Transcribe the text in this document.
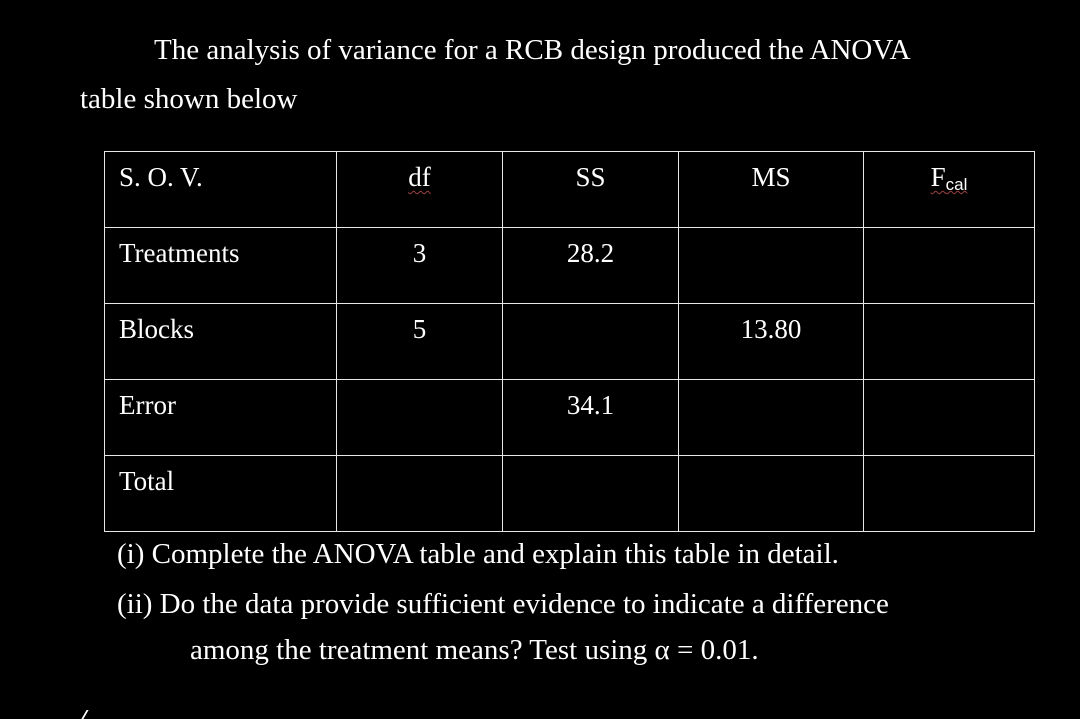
The analysis of variance for a RCB design produced the ANOVA
table shown below
S. O. V.	df	SS	MS	Fcal
Treatments	3	28.2		
Blocks	5		13.80	
Error		34.1		
Total				
(i) Complete the ANOVA table and explain this table in detail.
(ii) Do the data provide sufficient evidence to indicate a difference
among the treatment means? Test using α = 0.01.
